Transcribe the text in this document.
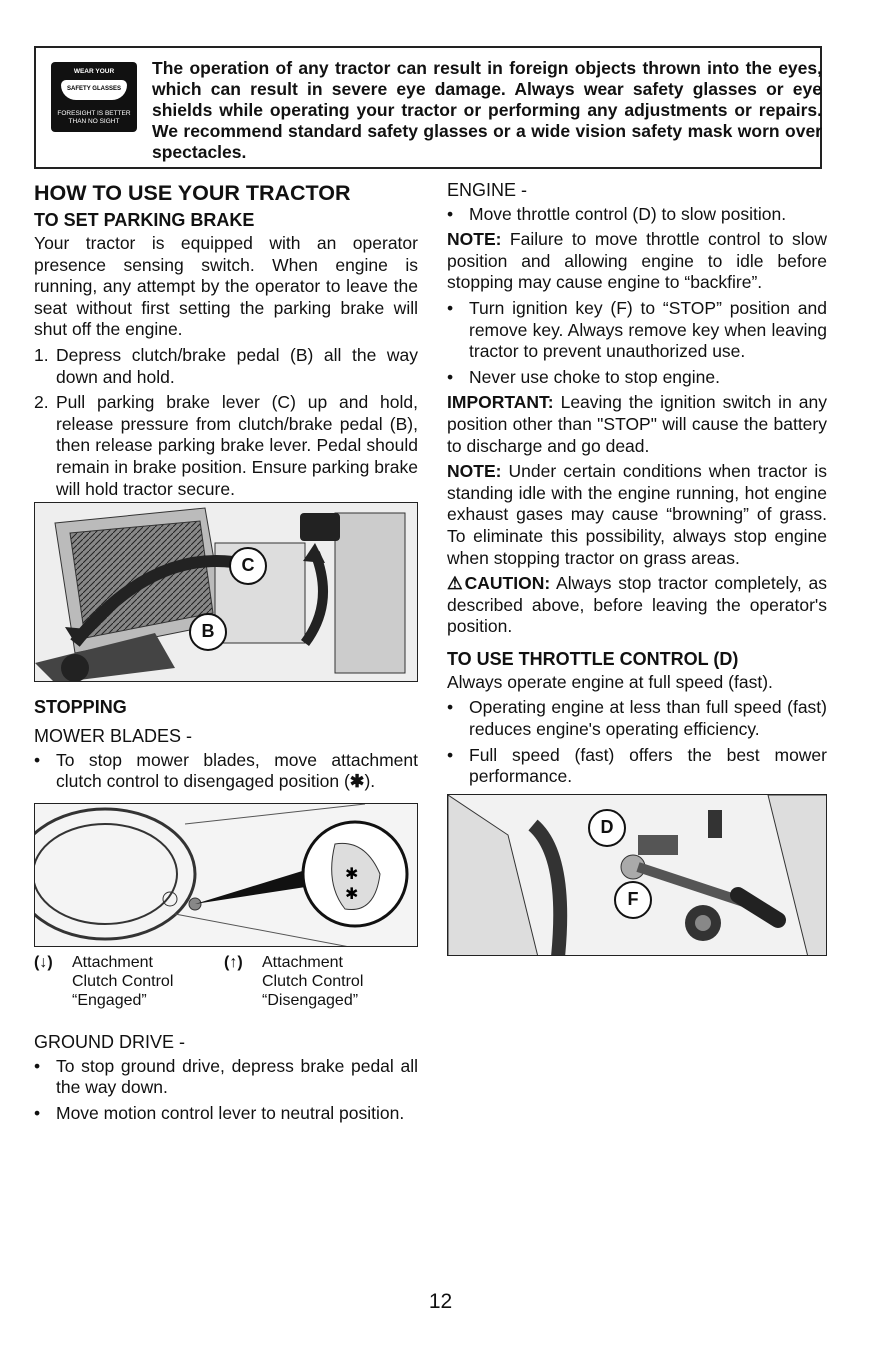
WEAR YOUR
SAFETY GLASSES
FORESIGHT IS BETTER
THAN NO SIGHT
The operation of any tractor can result in foreign objects thrown into the eyes, which can result in severe eye damage. Always wear safety glasses or eye shields while operating your tractor or performing any adjustments or repairs. We recommend standard safety glasses or a wide vision safety mask worn over spectacles.
HOW TO USE YOUR TRACTOR
TO SET PARKING BRAKE

Your tractor is equipped with an operator presence sensing switch. When engine is running, any attempt by the operator to leave the seat without first setting the parking brake will shut off the engine.

1. Depress clutch/brake pedal (B) all the way down and hold.
2. Pull parking brake lever (C) up and hold, release pressure from clutch/brake pedal (B), then release parking brake lever. Pedal should remain in brake position. Ensure parking brake will hold tractor secure.
C
B
STOPPING
MOWER BLADES -
• To stop mower blades, move attachment clutch control to disengaged position (✱).
✱
✱
(↓)	Attachment
Clutch Control
“Engaged”
(↑)	Attachment
Clutch Control
“Disengaged”
GROUND DRIVE -
• To stop ground drive, depress brake pedal all the way down.
• Move motion control lever to neutral position.
ENGINE -
• Move throttle control (D) to slow position.

NOTE: Failure to move throttle control to slow position and allowing engine to idle before stopping may cause engine to “backfire”.

• Turn ignition key (F) to “STOP” position and remove key. Always remove key when leaving tractor to prevent unauthorized use.
• Never use choke to stop engine.

IMPORTANT: Leaving the ignition switch in any position other than "STOP" will cause the battery to discharge and go dead.

NOTE: Under certain conditions when tractor is standing idle with the engine running, hot engine exhaust gases may cause “browning” of grass. To eliminate this possibility, always stop engine when stopping tractor on grass areas.

⚠CAUTION: Always stop tractor completely, as described above, before leaving the operator's position.

TO USE THROTTLE CONTROL (D)

Always operate engine at full speed (fast).

• Operating engine at less than full speed (fast) reduces engine's operating efficiency.
• Full speed (fast) offers the best mower performance.
D
F
12
